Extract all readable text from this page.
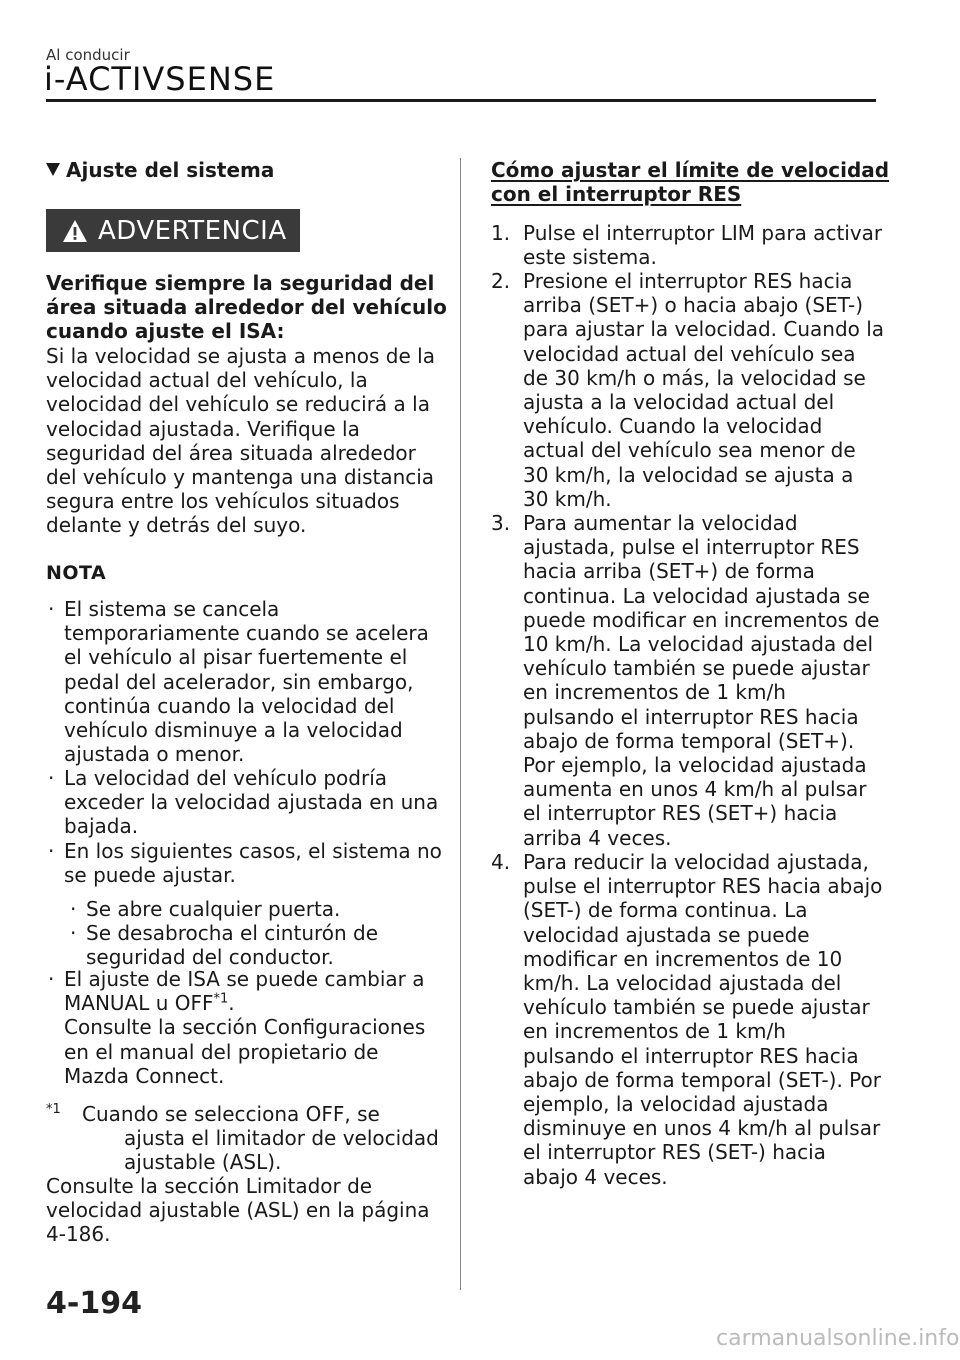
Al conducir
i-ACTIVSENSE
Ajuste del sistema
ADVERTENCIA
Verifique siempre la seguridad del
área situada alrededor del vehículo
cuando ajuste el ISA:
Si la velocidad se ajusta a menos de la
velocidad actual del vehículo, la
velocidad del vehículo se reducirá a la
velocidad ajustada. Verifique la
seguridad del área situada alrededor
del vehículo y mantenga una distancia
segura entre los vehículos situados
delante y detrás del suyo.
NOTA
· El sistema se cancela
temporariamente cuando se acelera
el vehículo al pisar fuertemente el
pedal del acelerador, sin embargo,
continúa cuando la velocidad del
vehículo disminuye a la velocidad
ajustada o menor.
· La velocidad del vehículo podría
exceder la velocidad ajustada en una
bajada.
· En los siguientes casos, el sistema no
se puede ajustar.
· Se abre cualquier puerta.
· Se desabrocha el cinturón de
seguridad del conductor.
· El ajuste de ISA se puede cambiar a
MANUAL u OFF$^{*1}$.
Consulte la sección Configuraciones
en el manual del propietario de
Mazda Connect.
*1 Cuando se selecciona OFF, se
ajusta el limitador de velocidad
ajustable (ASL).
Consulte la sección Limitador de
velocidad ajustable (ASL) en la página
4-186.
Cómo ajustar el límite de velocidad
con el interruptor RES
1. Pulse el interruptor LIM para activar
este sistema.
2. Presione el interruptor RES hacia
arriba (SET+) o hacia abajo (SET-)
para ajustar la velocidad. Cuando la
velocidad actual del vehículo sea
de 30 km/h o más, la velocidad se
ajusta a la velocidad actual del
vehículo. Cuando la velocidad
actual del vehículo sea menor de
30 km/h, la velocidad se ajusta a
30 km/h.
3. Para aumentar la velocidad
ajustada, pulse el interruptor RES
hacia arriba (SET+) de forma
continua. La velocidad ajustada se
puede modificar en incrementos de
10 km/h. La velocidad ajustada del
vehículo también se puede ajustar
en incrementos de 1 km/h
pulsando el interruptor RES hacia
abajo de forma temporal (SET+).
Por ejemplo, la velocidad ajustada
aumenta en unos 4 km/h al pulsar
el interruptor RES (SET+) hacia
arriba 4 veces.
4. Para reducir la velocidad ajustada,
pulse el interruptor RES hacia abajo
(SET-) de forma continua. La
velocidad ajustada se puede
modificar en incrementos de 10
km/h. La velocidad ajustada del
vehículo también se puede ajustar
en incrementos de 1 km/h
pulsando el interruptor RES hacia
abajo de forma temporal (SET-). Por
ejemplo, la velocidad ajustada
disminuye en unos 4 km/h al pulsar
el interruptor RES (SET-) hacia
abajo 4 veces.
4-194
carmanualsonline.info
